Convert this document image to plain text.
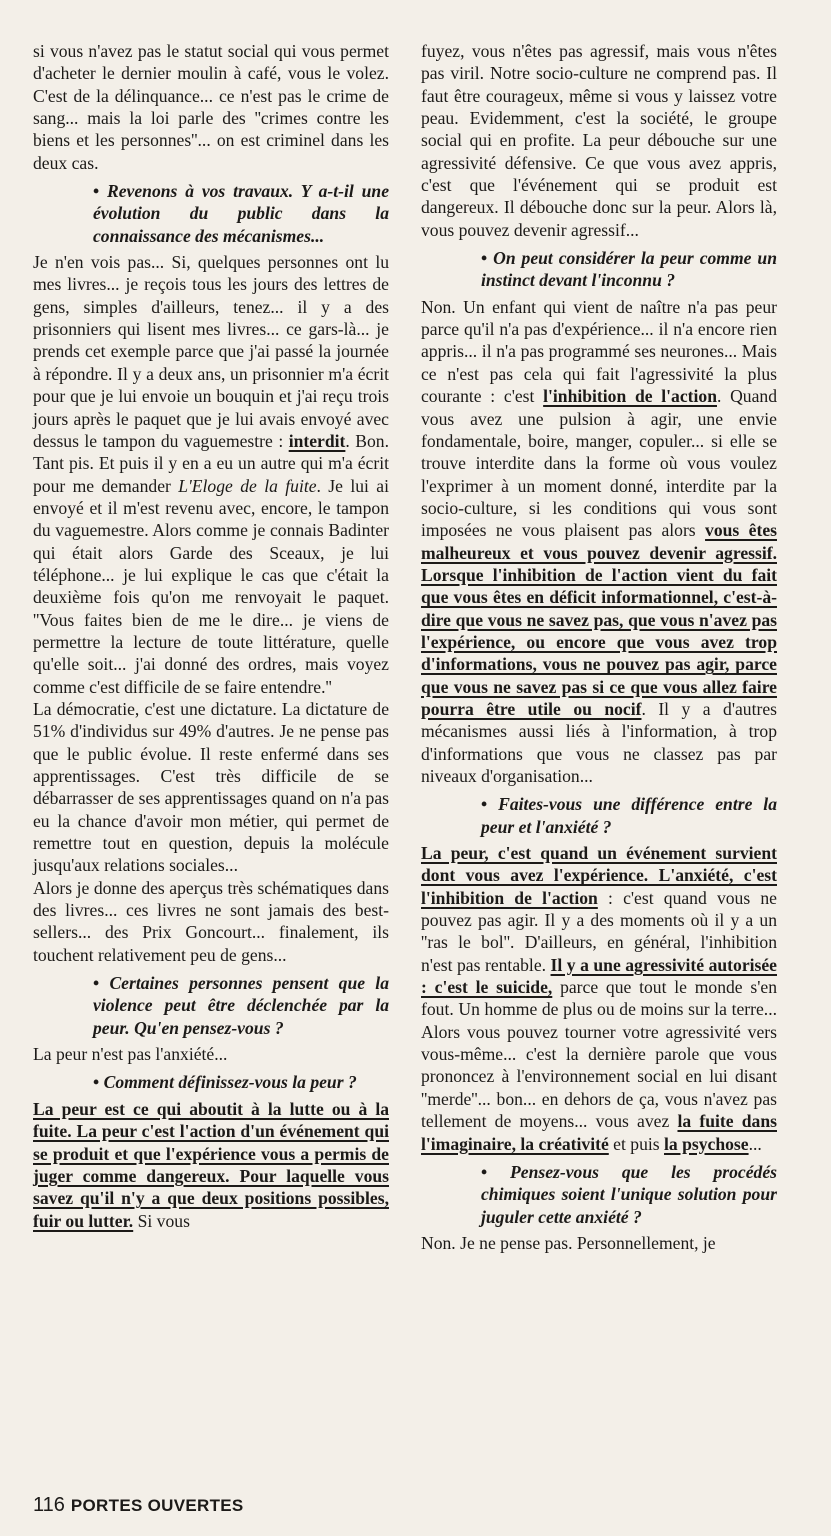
si vous n'avez pas le statut social qui vous permet d'acheter le dernier moulin à café, vous le volez. C'est de la délinquance... ce n'est pas le crime de sang... mais la loi parle des ''crimes contre les biens et les personnes''... on est criminel dans les deux cas.

• Revenons à vos travaux. Y a-t-il une évolution du public dans la connaissance des mécanismes...

Je n'en vois pas... Si, quelques personnes ont lu mes livres... je reçois tous les jours des lettres de gens, simples d'ailleurs, tenez... il y a des prisonniers qui lisent mes livres... ce gars-là... je prends cet exemple parce que j'ai passé la journée à répondre. Il y a deux ans, un prisonnier m'a écrit pour que je lui envoie un bouquin et j'ai reçu trois jours après le paquet que je lui avais envoyé avec dessus le tampon du vaguemestre : interdit. Bon. Tant pis. Et puis il y en a eu un autre qui m'a écrit pour me demander L'Eloge de la fuite. Je lui ai envoyé et il m'est revenu avec, encore, le tampon du vaguemestre. Alors comme je connais Badinter qui était alors Garde des Sceaux, je lui téléphone... je lui explique le cas que c'était la deuxième fois qu'on me renvoyait le paquet. ''Vous faites bien de me le dire... je viens de permettre la lecture de toute littérature, quelle qu'elle soit... j'ai donné des ordres, mais voyez comme c'est difficile de se faire entendre.''

La démocratie, c'est une dictature. La dictature de 51% d'individus sur 49% d'autres. Je ne pense pas que le public évolue. Il reste enfermé dans ses apprentissages. C'est très difficile de se débarrasser de ses apprentissages quand on n'a pas eu la chance d'avoir mon métier, qui permet de remettre tout en question, depuis la molécule jusqu'aux relations sociales...

Alors je donne des aperçus très schématiques dans des livres... ces livres ne sont jamais des best-sellers... des Prix Goncourt... finalement, ils touchent relativement peu de gens...

• Certaines personnes pensent que la violence peut être déclenchée par la peur. Qu'en pensez-vous ?

La peur n'est pas l'anxiété...

• Comment définissez-vous la peur ?

La peur est ce qui aboutit à la lutte ou à la fuite. La peur c'est l'action d'un événement qui se produit et que l'expérience vous a permis de juger comme dangereux. Pour laquelle vous savez qu'il n'y a que deux positions possibles, fuir ou lutter. Si vous

fuyez, vous n'êtes pas agressif, mais vous n'êtes pas viril. Notre socio-culture ne comprend pas. Il faut être courageux, même si vous y laissez votre peau. Evidemment, c'est la société, le groupe social qui en profite. La peur débouche sur une agressivité défensive. Ce que vous avez appris, c'est que l'événement qui se produit est dangereux. Il débouche donc sur la peur. Alors là, vous pouvez devenir agressif...

• On peut considérer la peur comme un instinct devant l'inconnu ?

Non. Un enfant qui vient de naître n'a pas peur parce qu'il n'a pas d'expérience... il n'a encore rien appris... il n'a pas programmé ses neurones... Mais ce n'est pas cela qui fait l'agressivité la plus courante : c'est l'inhibition de l'action. Quand vous avez une pulsion à agir, une envie fondamentale, boire, manger, copuler... si elle se trouve interdite dans la forme où vous voulez l'exprimer à un moment donné, interdite par la socio-culture, si les conditions qui vous sont imposées ne vous plaisent pas alors vous êtes malheureux et vous pouvez devenir agressif. Lorsque l'inhibition de l'action vient du fait que vous êtes en déficit informationnel, c'est-à-dire que vous ne savez pas, que vous n'avez pas l'expérience, ou encore que vous avez trop d'informations, vous ne pouvez pas agir, parce que vous ne savez pas si ce que vous allez faire pourra être utile ou nocif. Il y a d'autres mécanismes aussi liés à l'information, à trop d'informations que vous ne classez pas par niveaux d'organisation...

• Faites-vous une différence entre la peur et l'anxiété ?

La peur, c'est quand un événement survient dont vous avez l'expérience. L'anxiété, c'est l'inhibition de l'action : c'est quand vous ne pouvez pas agir. Il y a des moments où il y a un ''ras le bol''. D'ailleurs, en général, l'inhibition n'est pas rentable. Il y a une agressivité autorisée : c'est le suicide, parce que tout le monde s'en fout. Un homme de plus ou de moins sur la terre... Alors vous pouvez tourner votre agressivité vers vous-même... c'est la dernière parole que vous prononcez à l'environnement social en lui disant ''merde''... bon... en dehors de ça, vous n'avez pas tellement de moyens... vous avez la fuite dans l'imaginaire, la créativité et puis la psychose...

• Pensez-vous que les procédés chimiques soient l'unique solution pour juguler cette anxiété ?

Non. Je ne pense pas. Personnellement, je

116 PORTES OUVERTES
